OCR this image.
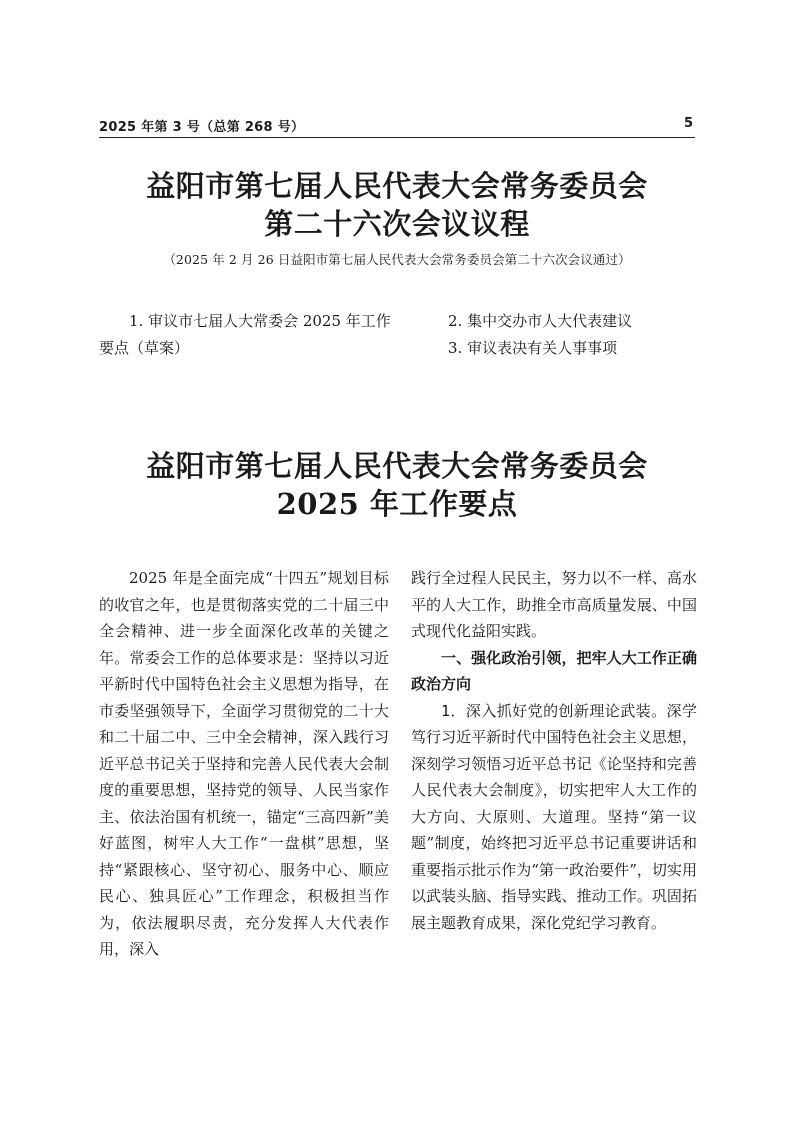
2025 年第 3 号（总第 268 号）	5
益阳市第七届人民代表大会常务委员会
第二十六次会议议程
（2025 年 2 月 26 日益阳市第七届人民代表大会常务委员会第二十六次会议通过）
1. 审议市七届人大常委会 2025 年工作要点（草案）
2. 集中交办市人大代表建议
3. 审议表决有关人事事项
益阳市第七届人民代表大会常务委员会
2025 年工作要点

2025 年是全面完成“十四五”规划目标的收官之年，也是贯彻落实党的二十届三中全会精神、进一步全面深化改革的关键之年。常委会工作的总体要求是：坚持以习近平新时代中国特色社会主义思想为指导，在市委坚强领导下，全面学习贯彻党的二十大和二十届二中、三中全会精神，深入践行习近平总书记关于坚持和完善人民代表大会制度的重要思想，坚持党的领导、人民当家作主、依法治国有机统一，锚定“三高四新”美好蓝图，树牢人大工作“一盘棋”思想，坚持“紧跟核心、坚守初心、服务中心、顺应民心、独具匠心”工作理念，积极担当作为，依法履职尽责，充分发挥人大代表作用，深入

践行全过程人民民主，努力以不一样、高水平的人大工作，助推全市高质量发展、中国式现代化益阳实践。

一、强化政治引领，把牢人大工作正确政治方向

1．深入抓好党的创新理论武装。深学笃行习近平新时代中国特色社会主义思想，深刻学习领悟习近平总书记《论坚持和完善人民代表大会制度》，切实把牢人大工作的大方向、大原则、大道理。坚持“第一议题”制度，始终把习近平总书记重要讲话和重要指示批示作为“第一政治要件”，切实用以武装头脑、指导实践、推动工作。巩固拓展主题教育成果，深化党纪学习教育。
